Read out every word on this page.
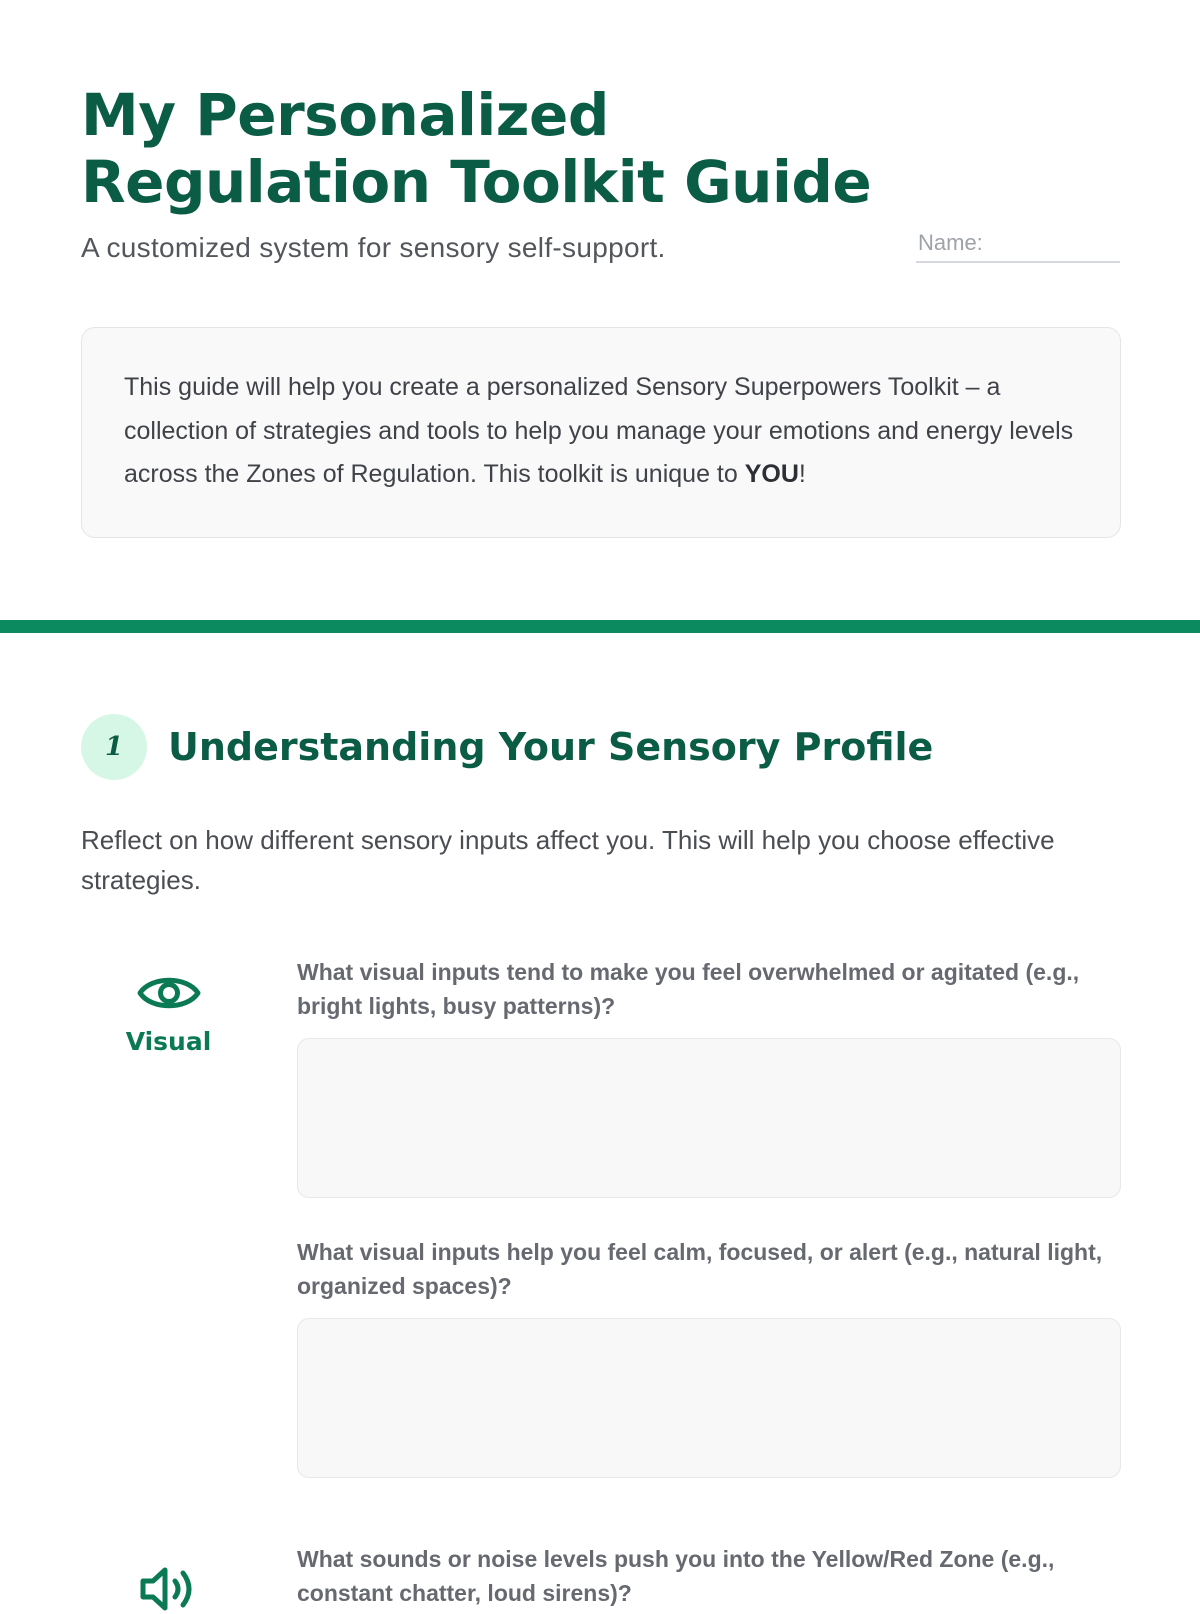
My Personalized
Regulation Toolkit Guide

A customized system for sensory self-support.

Name:

This guide will help you create a personalized Sensory Superpowers Toolkit – a collection of strategies and tools to help you manage your emotions and energy levels across the Zones of Regulation. This toolkit is unique to YOU!

1	Understanding Your Sensory Profile

Reflect on how different sensory inputs affect you. This will help you choose effective strategies.

Visual

What visual inputs tend to make you feel overwhelmed or agitated (e.g., bright lights, busy patterns)?

What visual inputs help you feel calm, focused, or alert (e.g., natural light, organized spaces)?

What sounds or noise levels push you into the Yellow/Red Zone (e.g., constant chatter, loud sirens)?
